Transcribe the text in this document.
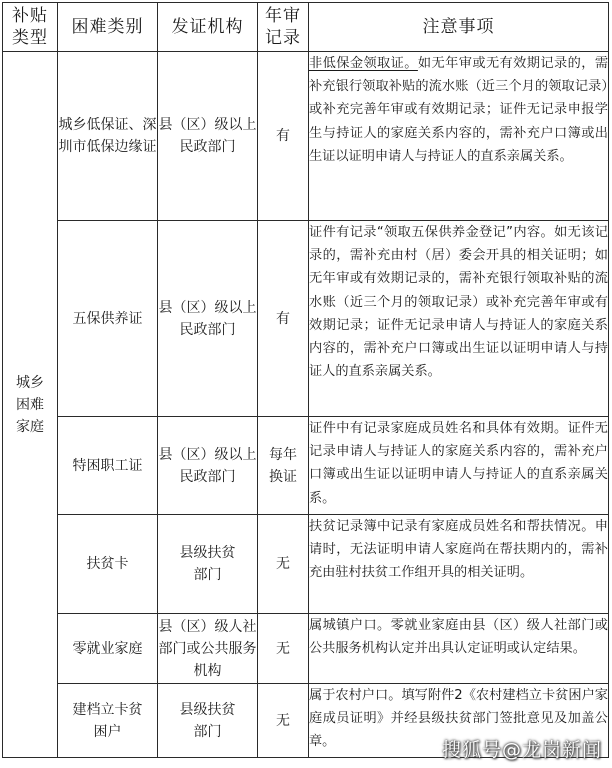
补贴类型	困难类别	发证机构	年审记录	注意事项
城乡困难家庭	城乡低保证、深圳市低保边缘证	县（区）级以上民政部门	有	非低保金领取证。如无年审或无有效期记录的，需补充银行领取补贴的流水账（近三个月的领取记录）或补充完善年审或有效期记录；证件无记录申报学生与持证人的家庭关系内容的，需补充户口簿或出生证以证明申请人与持证人的直系亲属关系。
	五保供养证	县（区）级以上民政部门	有	证件有记录“领取五保供养金登记”内容。如无该记录的，需补充由村（居）委会开具的相关证明；如无年审或有效期记录的，需补充银行领取补贴的流水账（近三个月的领取记录）或补充完善年审或有效期记录；证件无记录申请人与持证人的家庭关系内容的，需补充户口簿或出生证以证明申请人与持证人的直系亲属关系。
	特困职工证	县（区）级以上民政部门	每年换证	证件中有记录家庭成员姓名和具体有效期。证件无记录申请人与持证人的家庭关系内容的，需补充户口簿或出生证以证明申请人与持证人的直系亲属关系。
	扶贫卡	县级扶贫部门	无	扶贫记录簿中记录有家庭成员姓名和帮扶情况。申请时，无法证明申请人家庭尚在帮扶期内的，需补充由驻村扶贫工作组开具的相关证明。
	零就业家庭	县（区）级人社部门或公共服务机构	无	属城镇户口。零就业家庭由县（区）级人社部门或公共服务机构认定并出具认定证明或认定结果。
	建档立卡贫困户	县级扶贫部门	无	属于农村户口。填写附件2《农村建档立卡贫困户家庭成员证明》并经县级扶贫部门签批意见及加盖公章。	搜狐号@龙岗新闻
